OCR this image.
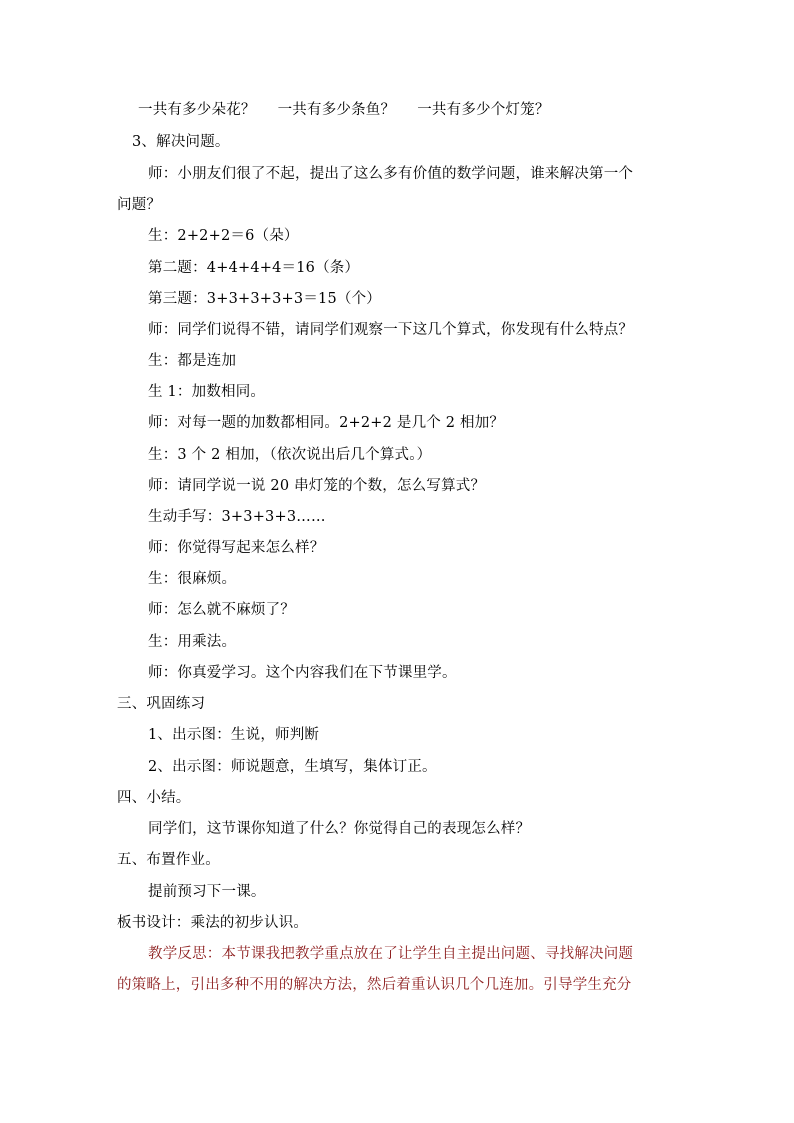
一共有多少朵花？ 一共有多少条鱼？ 一共有多少个灯笼？
3、解决问题。
师：小朋友们很了不起，提出了这么多有价值的数学问题，谁来解决第一个
问题？
生：2+2+2＝6（朵）
第二题：4+4+4+4＝16（条）
第三题：3+3+3+3+3＝15（个）
师：同学们说得不错，请同学们观察一下这几个算式，你发现有什么特点？
生：都是连加
生 1：加数相同。
师：对每一题的加数都相同。2+2+2 是几个 2 相加？
生：3 个 2 相加，（依次说出后几个算式。）
师：请同学说一说 20 串灯笼的个数，怎么写算式？
生动手写：3+3+3+3……
师：你觉得写起来怎么样？
生：很麻烦。
师：怎么就不麻烦了？
生：用乘法。
师：你真爱学习。这个内容我们在下节课里学。
三、巩固练习
1、出示图：生说，师判断
2、出示图：师说题意，生填写，集体订正。
四、小结。
同学们，这节课你知道了什么？你觉得自己的表现怎么样？
五、布置作业。
提前预习下一课。
板书设计：乘法的初步认识。
教学反思：本节课我把教学重点放在了让学生自主提出问题、寻找解决问题
的策略上，引出多种不用的解决方法，然后着重认识几个几连加。引导学生充分
